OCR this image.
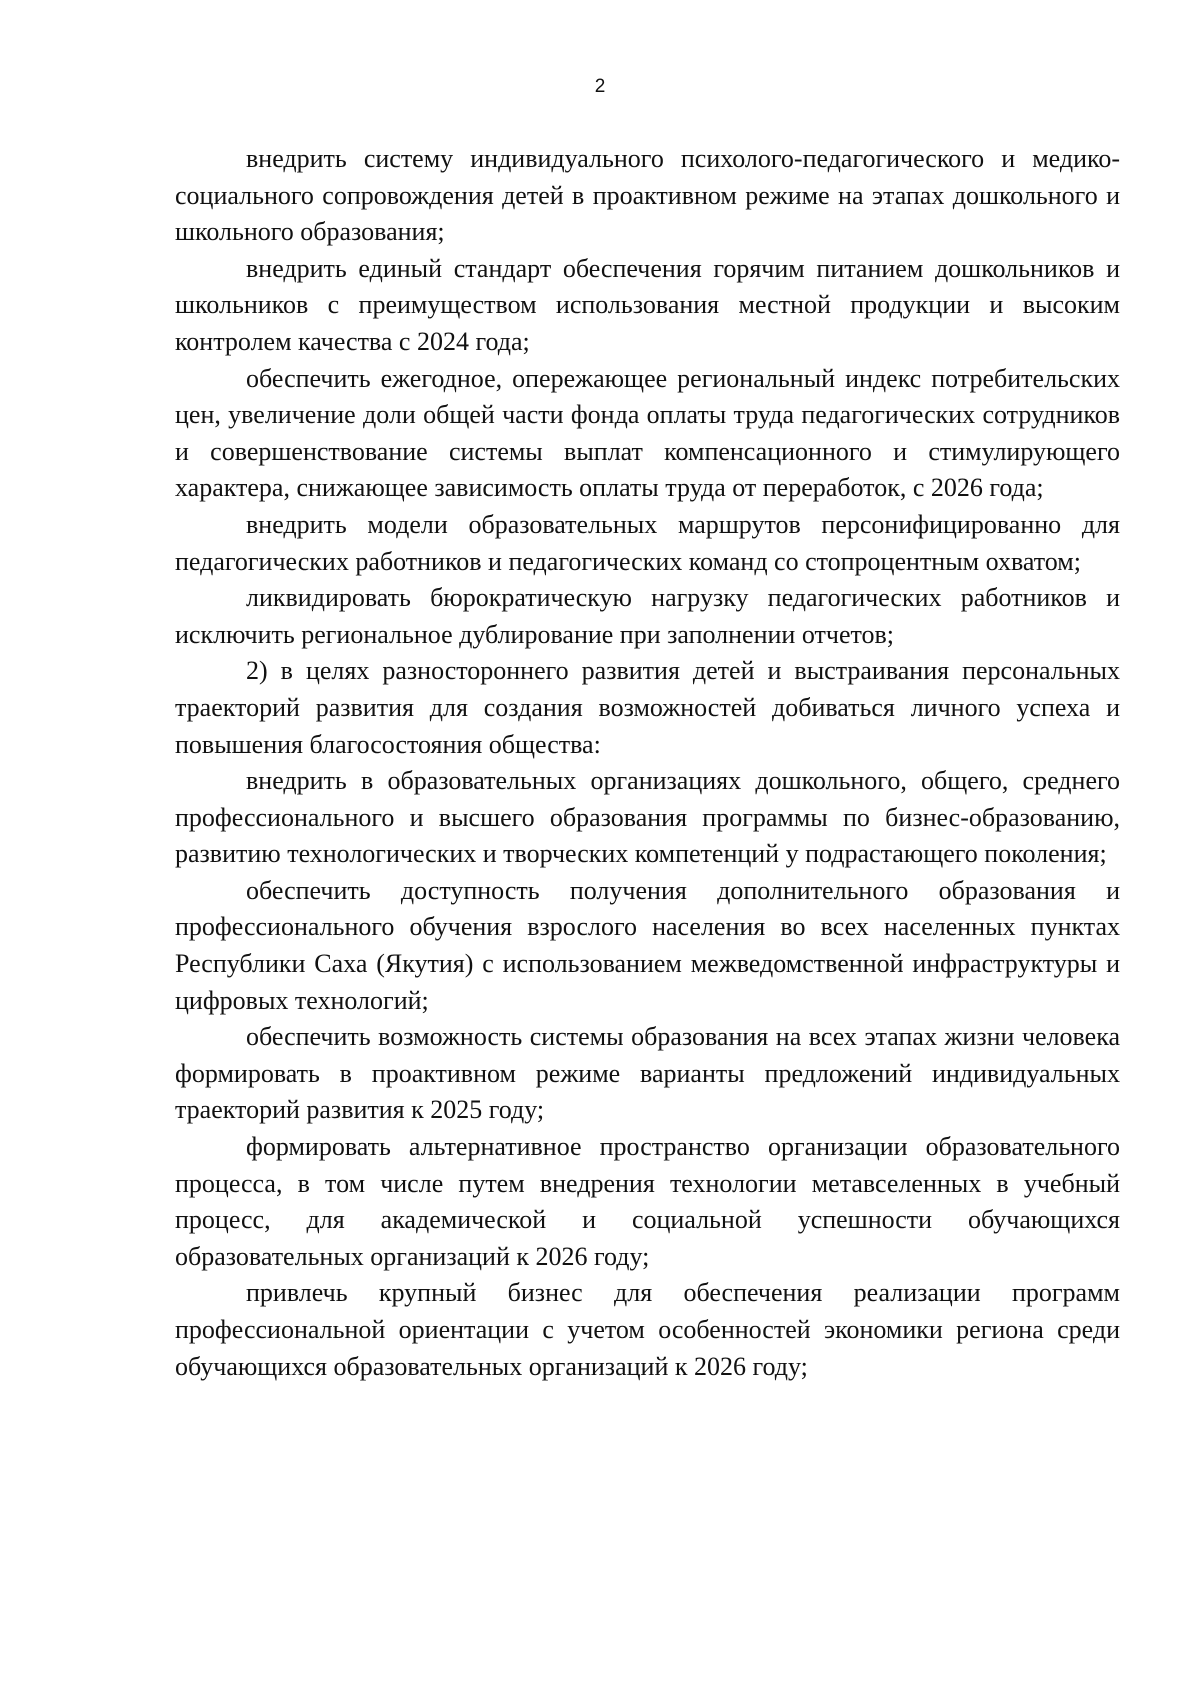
2

внедрить систему индивидуального психолого-педагогического и медико-социального сопровождения детей в проактивном режиме на этапах дошкольного и школьного образования;

внедрить единый стандарт обеспечения горячим питанием дошкольников и школьников с преимуществом использования местной продукции и высоким контролем качества с 2024 года;

обеспечить ежегодное, опережающее региональный индекс потребительских цен, увеличение доли общей части фонда оплаты труда педагогических сотрудников и совершенствование системы выплат компенсационного и стимулирующего характера, снижающее зависимость оплаты труда от переработок, с 2026 года;

внедрить модели образовательных маршрутов персонифицированно для педагогических работников и педагогических команд со стопроцентным охватом;

ликвидировать бюрократическую нагрузку педагогических работников и исключить региональное дублирование при заполнении отчетов;

2) в целях разностороннего развития детей и выстраивания персональных траекторий развития для создания возможностей добиваться личного успеха и повышения благосостояния общества:

внедрить в образовательных организациях дошкольного, общего, среднего профессионального и высшего образования программы по бизнес-образованию, развитию технологических и творческих компетенций у подрастающего поколения;

обеспечить доступность получения дополнительного образования и профессионального обучения взрослого населения во всех населенных пунктах Республики Саха (Якутия) с использованием межведомственной инфраструктуры и цифровых технологий;

обеспечить возможность системы образования на всех этапах жизни человека формировать в проактивном режиме варианты предложений индивидуальных траекторий развития к 2025 году;

формировать альтернативное пространство организации образовательного процесса, в том числе путем внедрения технологии метавселенных в учебный процесс, для академической и социальной успешности обучающихся образовательных организаций к 2026 году;

привлечь крупный бизнес для обеспечения реализации программ профессиональной ориентации с учетом особенностей экономики региона среди обучающихся образовательных организаций к 2026 году;
